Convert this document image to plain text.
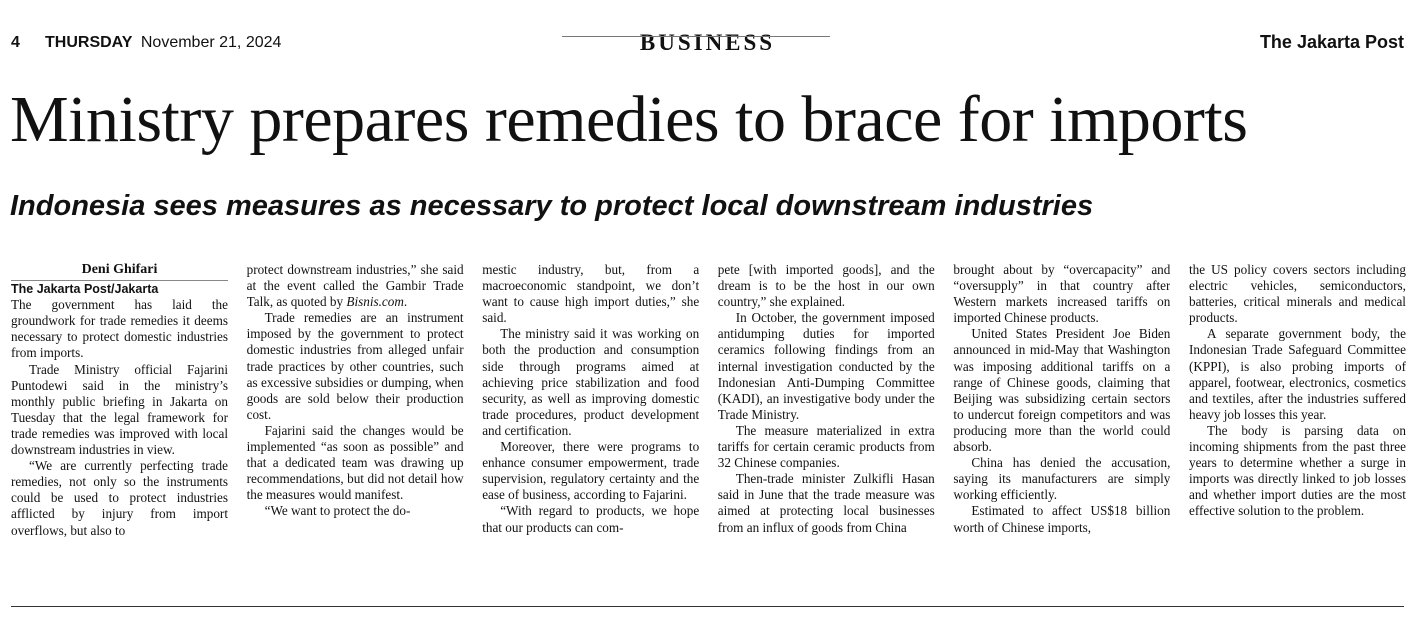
4 THURSDAY November 21, 2024	BUSINESS	The Jakarta Post
Ministry prepares remedies to brace for imports
Indonesia sees measures as necessary to protect local downstream industries

Deni Ghifari

The Jakarta Post/Jakarta

The government has laid the groundwork for trade remedies it deems necessary to protect domestic industries from imports.

Trade Ministry official Fajarini Puntodewi said in the ministry’s monthly public briefing in Jakarta on Tuesday that the legal framework for trade remedies was improved with local downstream industries in view.

“We are currently perfecting trade remedies, not only so the instruments could be used to protect industries afflicted by injury from import overflows, but also to

protect downstream industries,” she said at the event called the Gambir Trade Talk, as quoted by Bisnis.com.

Trade remedies are an instrument imposed by the government to protect domestic industries from alleged unfair trade practices by other countries, such as excessive subsidies or dumping, when goods are sold below their production cost.

Fajarini said the changes would be implemented “as soon as possible” and that a dedicated team was drawing up recommendations, but did not detail how the measures would manifest.

“We want to protect the do-

mestic industry, but, from a macroeconomic standpoint, we don’t want to cause high import duties,” she said.

The ministry said it was working on both the production and consumption side through programs aimed at achieving price stabilization and food security, as well as improving domestic trade procedures, product development and certification.

Moreover, there were programs to enhance consumer empowerment, trade supervision, regulatory certainty and the ease of business, according to Fajarini.

“With regard to products, we hope that our products can com-

pete [with imported goods], and the dream is to be the host in our own country,” she explained.

In October, the government imposed antidumping duties for imported ceramics following findings from an internal investigation conducted by the Indonesian Anti-Dumping Committee (KADI), an investigative body under the Trade Ministry.

The measure materialized in extra tariffs for certain ceramic products from 32 Chinese companies.

Then-trade minister Zulkifli Hasan said in June that the trade measure was aimed at protecting local businesses from an influx of goods from China

brought about by “overcapacity” and “oversupply” in that country after Western markets increased tariffs on imported Chinese products.

United States President Joe Biden announced in mid-May that Washington was imposing additional tariffs on a range of Chinese goods, claiming that Beijing was subsidizing certain sectors to undercut foreign competitors and was producing more than the world could absorb.

China has denied the accusation, saying its manufacturers are simply working efficiently.

Estimated to affect US$18 billion worth of Chinese imports,

the US policy covers sectors including electric vehicles, semiconductors, batteries, critical minerals and medical products.

A separate government body, the Indonesian Trade Safeguard Committee (KPPI), is also probing imports of apparel, footwear, electronics, cosmetics and textiles, after the industries suffered heavy job losses this year.

The body is parsing data on incoming shipments from the past three years to determine whether a surge in imports was directly linked to job losses and whether import duties are the most effective solution to the problem.
